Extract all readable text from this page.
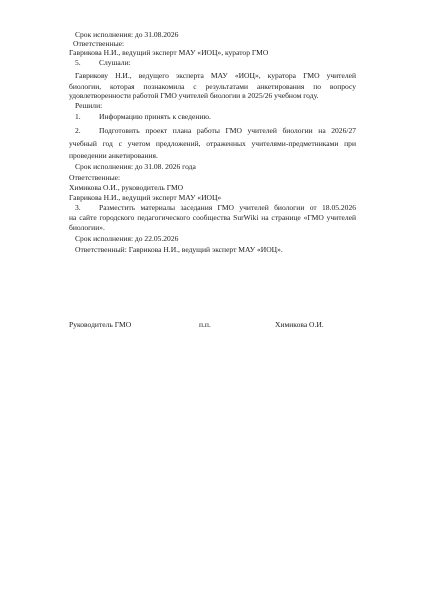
Срок исполнения: до 31.08.2026
Ответственные:
Гаврикова Н.И., ведущий эксперт МАУ «ИОЦ», куратор ГМО
5. Слушали:
Гаврикову Н.И., ведущего эксперта МАУ «ИОЦ», куратора ГМО учителей
биологии, которая познакомила с результатами анкетирования по вопросу
удовлетворенности работой ГМО учителей биологии в 2025/26 учебном году.
Решили:
1. Информацию принять к сведению.
2. Подготовить проект плана работы ГМО учителей биологии на 2026/27
учебный год с учетом предложений, отраженных учителями-предметниками при
проведении анкетирования.
Срок исполнения: до 31.08. 2026 года
Ответственные:
Химикова О.И., руководитель ГМО
Гаврикова Н.И., ведущий эксперт МАУ «ИОЦ»
3. Разместить материалы заседания ГМО учителей биологии от 18.05.2026
на сайте городского педагогического сообщества SurWiki на странице «ГМО учителей
биологии».
Срок исполнения: до 22.05.2026
Ответственный: Гаврикова Н.И., ведущий эксперт МАУ «ИОЦ».
Руководитель ГМО	п.п.	Химикова О.И.
